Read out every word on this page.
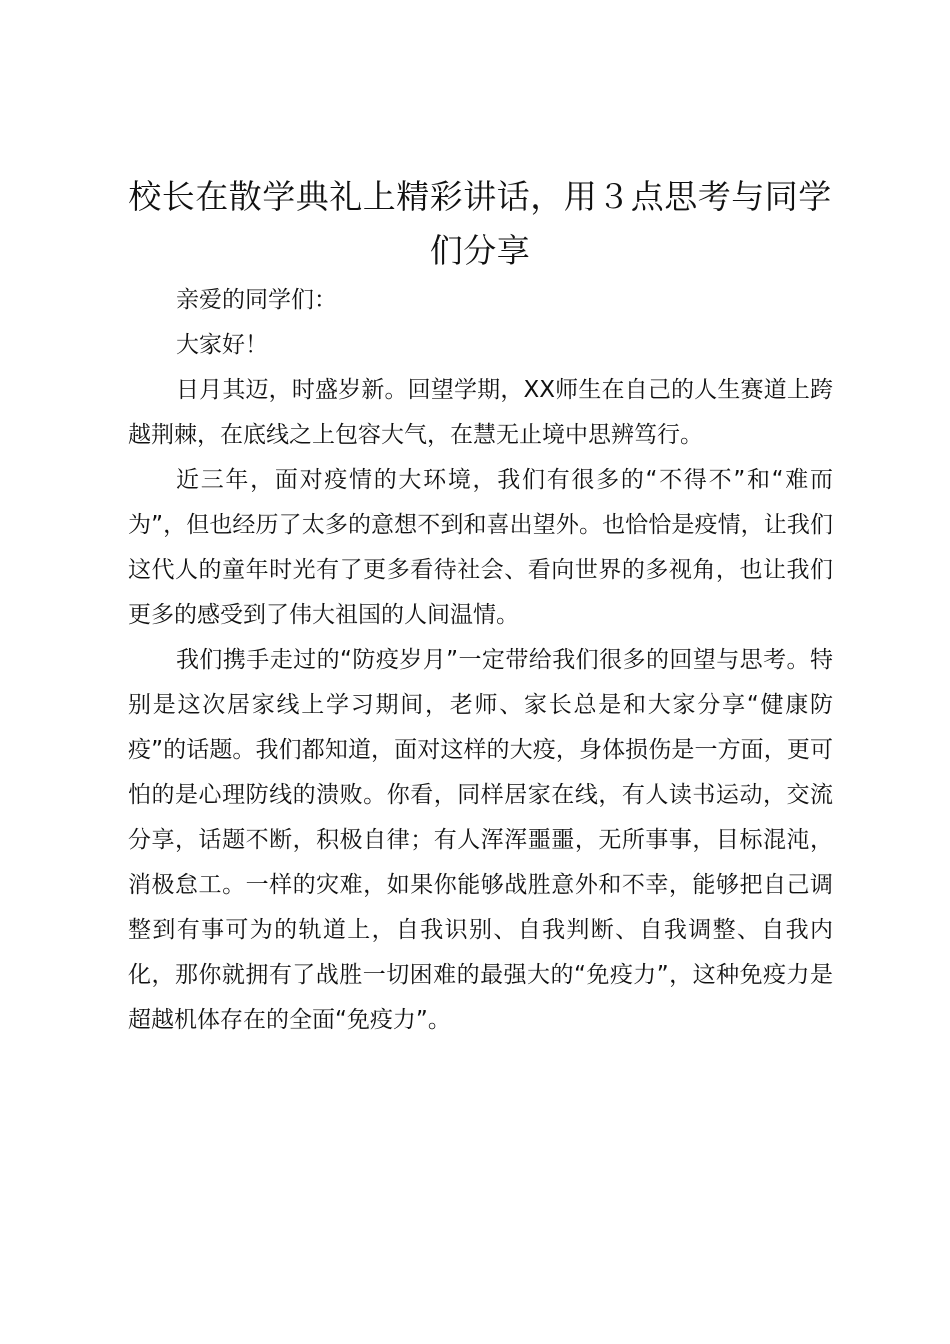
校长在散学典礼上精彩讲话，用３点思考与同学们分享

亲爱的同学们：

大家好！

日月其迈，时盛岁新。回望学期，XX师生在自己的人生赛道上跨越荆棘，在底线之上包容大气，在慧无止境中思辨笃行。

近三年，面对疫情的大环境，我们有很多的“不得不”和“难而为”，但也经历了太多的意想不到和喜出望外。也恰恰是疫情，让我们这代人的童年时光有了更多看待社会、看向世界的多视角，也让我们更多的感受到了伟大祖国的人间温情。

我们携手走过的“防疫岁月”一定带给我们很多的回望与思考。特别是这次居家线上学习期间，老师、家长总是和大家分享“健康防疫”的话题。我们都知道，面对这样的大疫，身体损伤是一方面，更可怕的是心理防线的溃败。你看，同样居家在线，有人读书运动，交流分享，话题不断，积极自律；有人浑浑噩噩，无所事事，目标混沌，消极怠工。一样的灾难，如果你能够战胜意外和不幸，能够把自己调整到有事可为的轨道上，自我识别、自我判断、自我调整、自我内化，那你就拥有了战胜一切困难的最强大的“免疫力”，这种免疫力是超越机体存在的全面“免疫力”。
